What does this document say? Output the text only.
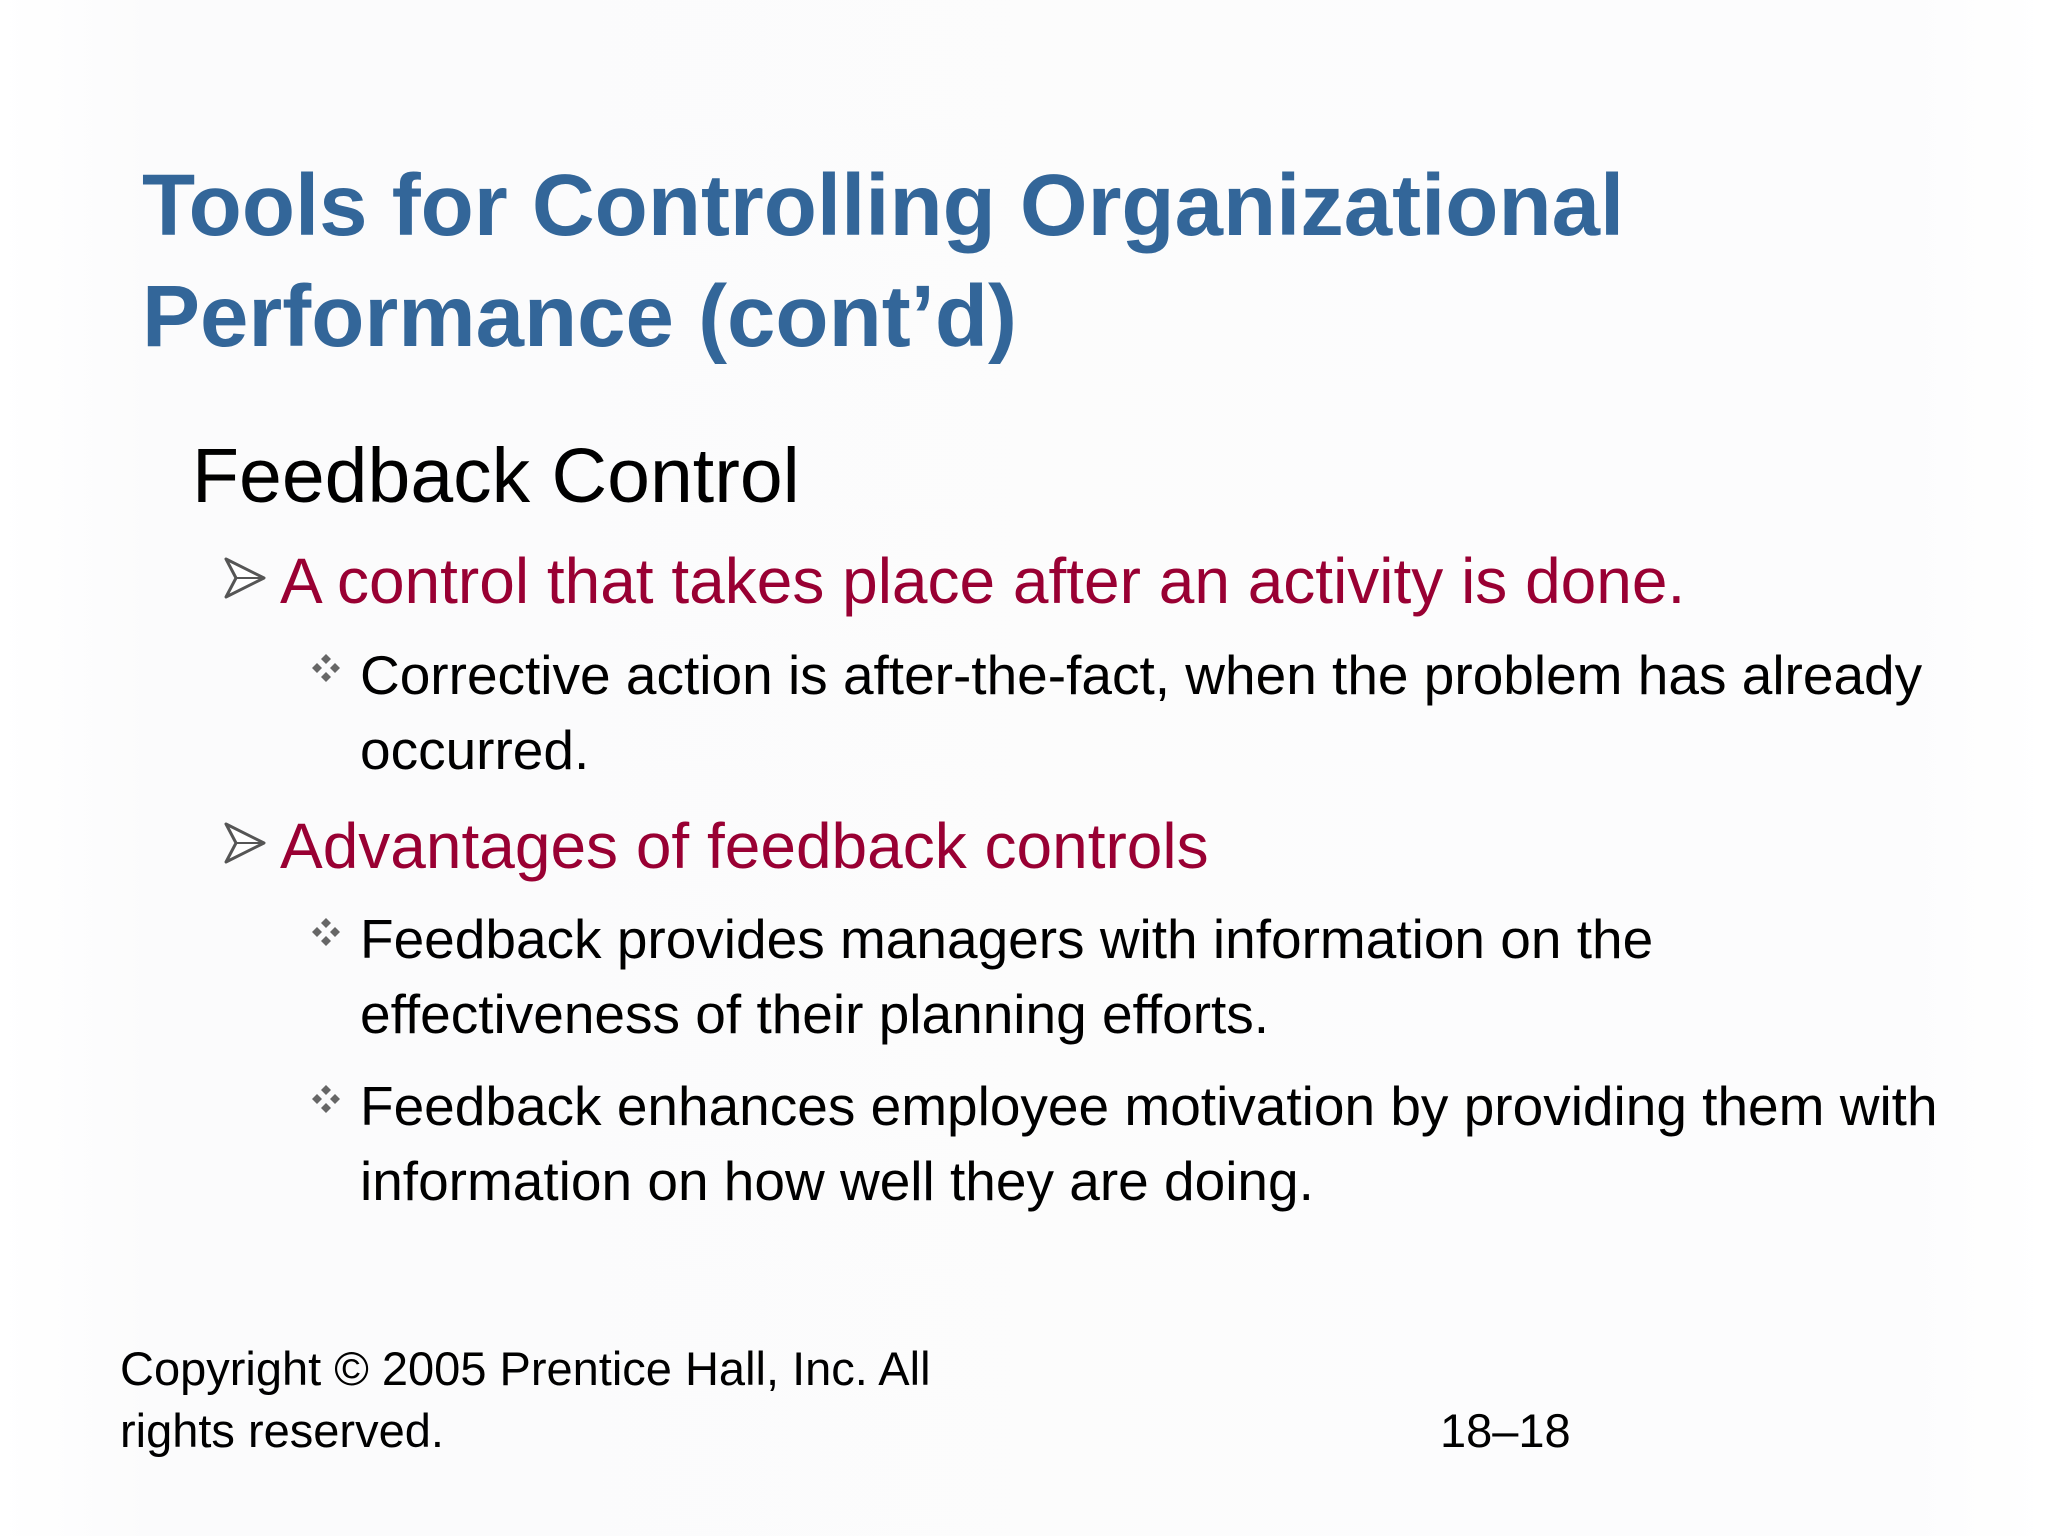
Tools for Controlling Organizational
Performance (cont’d)
Feedback Control
A control that takes place after an activity is done.
Corrective action is after-the-fact, when the problem has already occurred.
Advantages of feedback controls
Feedback provides managers with information on the effectiveness of their planning efforts.
Feedback enhances employee motivation by providing them with information on how well they are doing.
Copyright © 2005 Prentice Hall, Inc. All
rights reserved.	18–18
